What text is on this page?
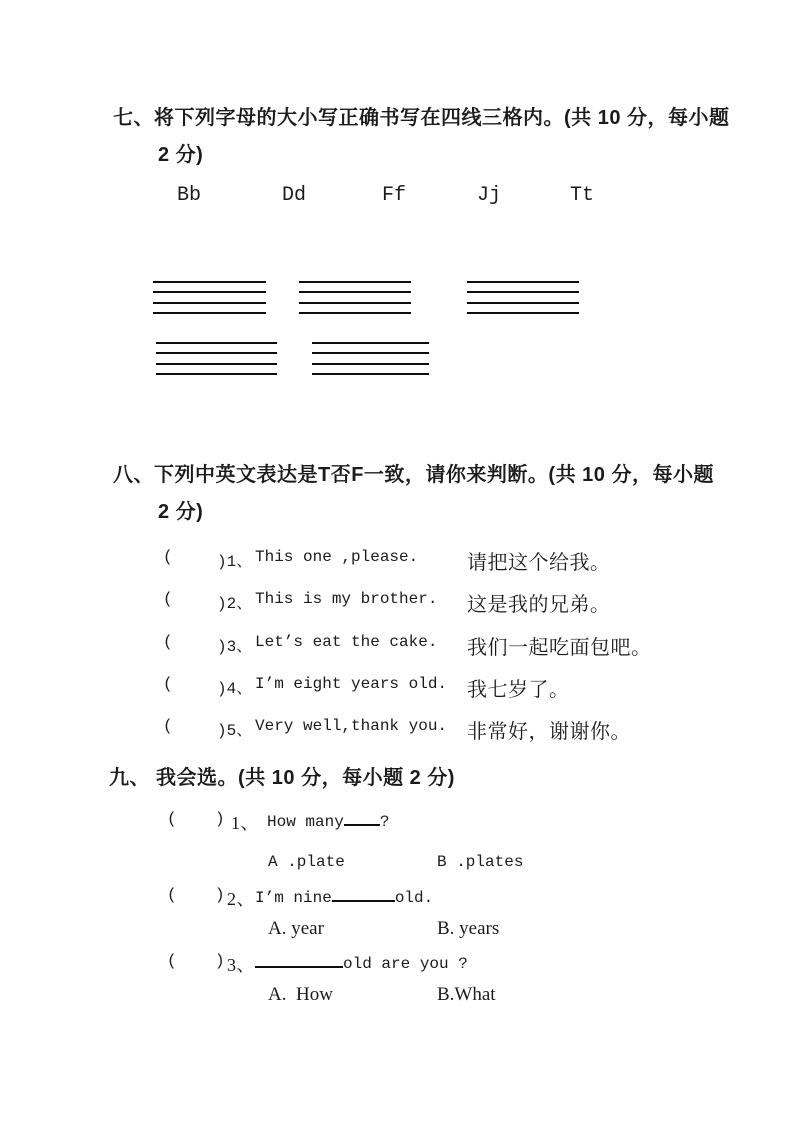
七、将下列字母的大小写正确书写在四线三格内。(共 10 分，每小题
2 分)
Bb	Dd	Ff	Jj	Tt
八、下列中英文表达是T否F一致，请你来判断。(共 10 分，每小题
2 分)
(	)1、 This one ,please. 请把这个给我。
(	)2、 This is my brother. 这是我的兄弟。
(	)3、 Let’s eat the cake. 我们一起吃面包吧。
(	)4、 I’m eight years old. 我七岁了。
(	)5、 Very well,thank you. 非常好，谢谢你。
九、 我会选。(共 10 分，每小题 2 分)
( ) 1、 How many ?
A .plate	B .plates
( ) 2、 I’m nine	old.
A. year	B. years
( ) 3、	old are you ?
A.  How	B.What
